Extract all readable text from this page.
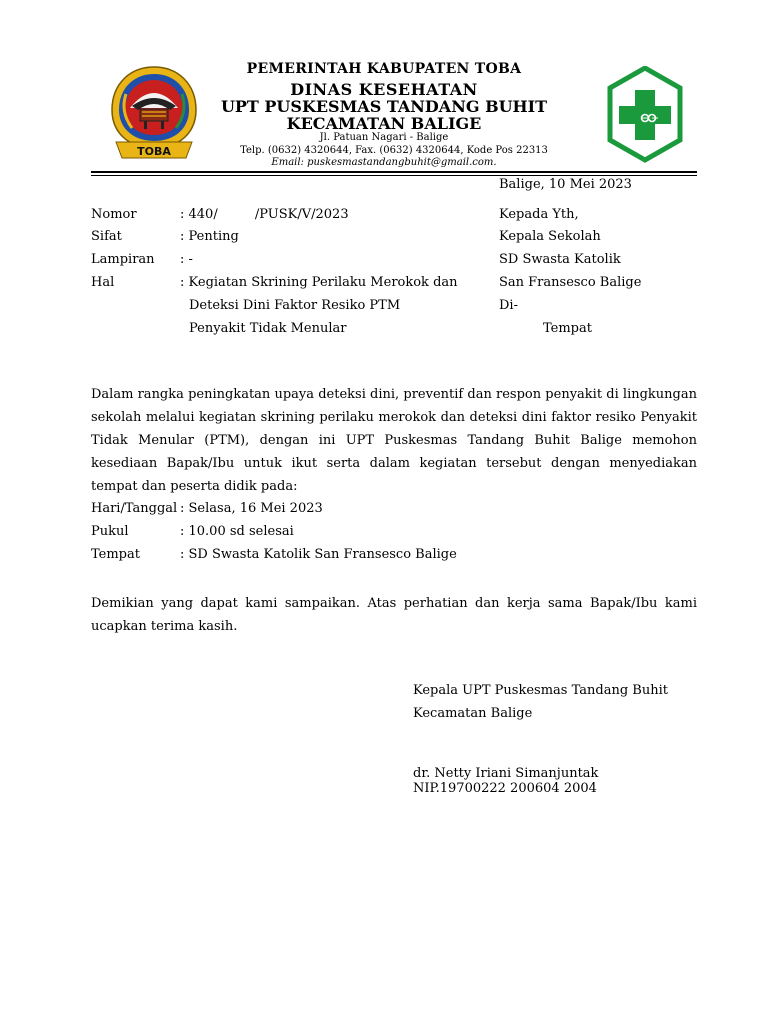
TOBA
PEMERINTAH KABUPATEN TOBA
DINAS KESEHATAN
UPT PUSKESMAS TANDANG BUHIT
KECAMATAN BALIGE
Jl. Patuan Nagari - Balige
Telp. (0632) 4320644, Fax. (0632) 4320644, Kode Pos 22313
Email: puskesmastandangbuhit@gmail.com.
Balige, 10 Mei 2023
Nomor	: 440/         /PUSK/V/2023
Sifat	: Penting
Lampiran : -
Hal	: Kegiatan Skrining Perilaku Merokok dan
Deteksi Dini Faktor Resiko PTM
Penyakit Tidak Menular
Kepada Yth,
Kepala Sekolah
SD Swasta Katolik
San Fransesco Balige
Di-
Tempat
Dalam rangka peningkatan upaya deteksi dini, preventif dan respon penyakit di lingkungan sekolah melalui kegiatan skrining perilaku merokok dan deteksi dini faktor resiko Penyakit Tidak Menular (PTM), dengan ini UPT Puskesmas Tandang Buhit Balige memohon kesediaan Bapak/Ibu untuk ikut serta dalam kegiatan tersebut dengan menyediakan tempat dan peserta didik pada:
Hari/Tanggal : Selasa, 16 Mei 2023
Pukul	: 10.00 sd selesai
Tempat	: SD Swasta Katolik San Fransesco Balige
Demikian yang dapat kami sampaikan. Atas perhatian dan kerja sama Bapak/Ibu kami ucapkan terima kasih.
Kepala UPT Puskesmas Tandang Buhit
Kecamatan Balige
dr. Netty Iriani Simanjuntak
NIP.19700222 200604 2004
